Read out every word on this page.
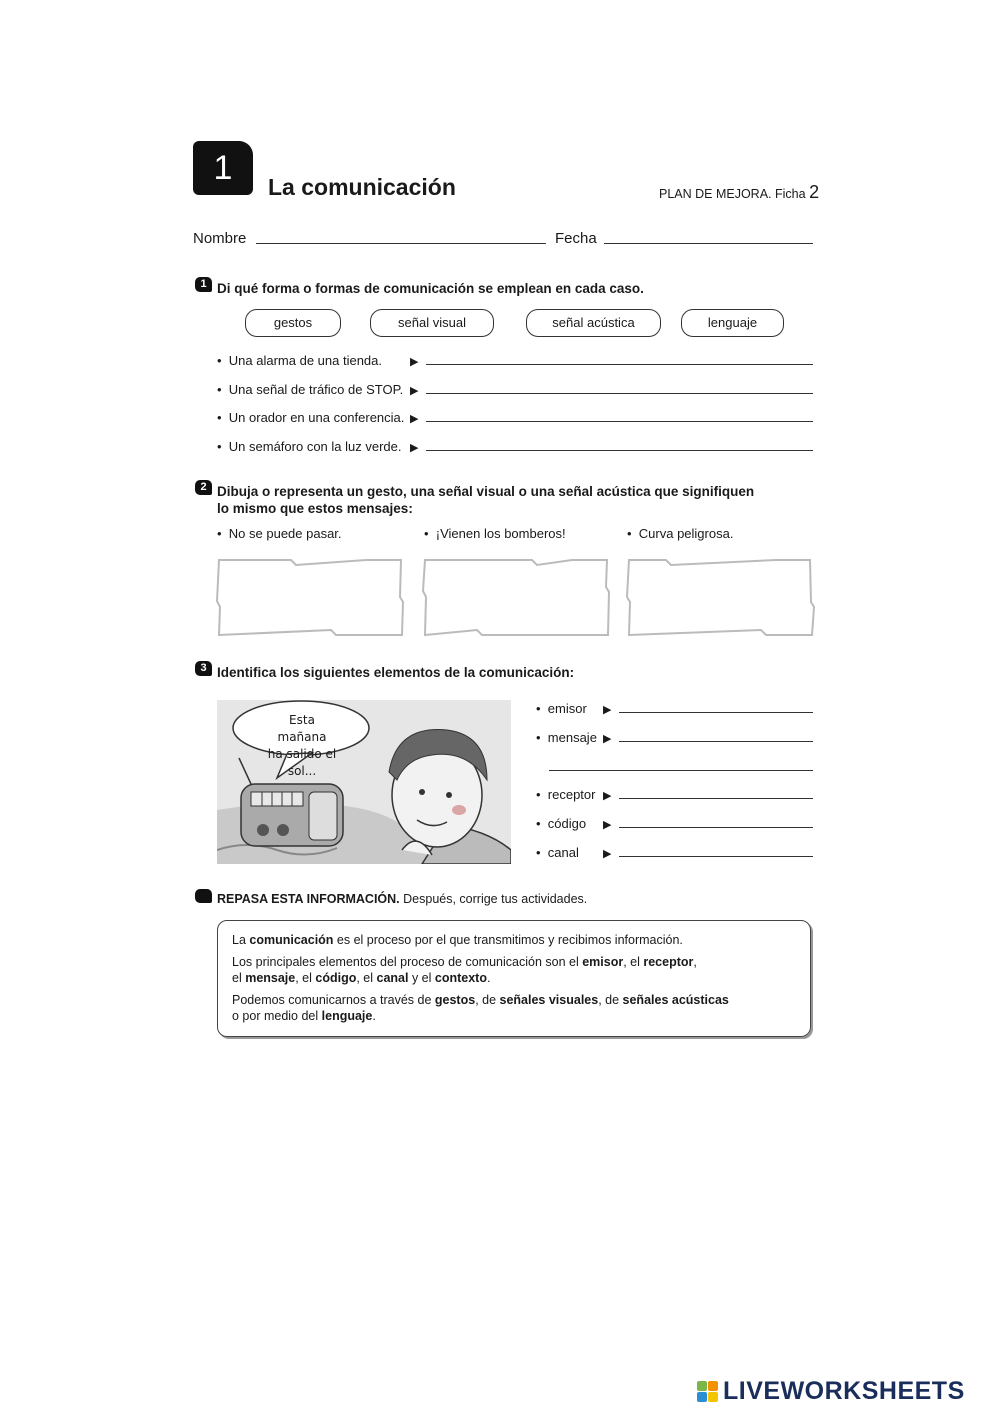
1	La comunicación	PLAN DE MEJORA. Ficha 2
Nombre	Fecha
1 Di qué forma o formas de comunicación se emplean en cada caso.
gestos	señal visual	señal acústica	lenguaje
•  Una alarma de una tienda.	▶
•  Una señal de tráfico de STOP. ▶
•  Un orador en una conferencia. ▶
•  Un semáforo con la luz verde. ▶
2 Dibuja o representa un gesto, una señal visual o una señal acústica que signifiquen
lo mismo que estos mensajes:
•  No se puede pasar.	•  ¡Vienen los bomberos!	•  Curva peligrosa.
3 Identifica los siguientes elementos de la comunicación:
Esta mañana
ha salido el sol...
•  emisor ▶
•  mensaje ▶
•  receptor ▶
•  código ▶
•  canal ▶
REPASA ESTA INFORMACIÓN. Después, corrige tus actividades.

La comunicación es el proceso por el que transmitimos y recibimos información.

Los principales elementos del proceso de comunicación son el emisor, el receptor,
el mensaje, el código, el canal y el contexto.

Podemos comunicarnos a través de gestos, de señales visuales, de señales acústicas
o por medio del lenguaje.

LIVEWORKSHEETS
